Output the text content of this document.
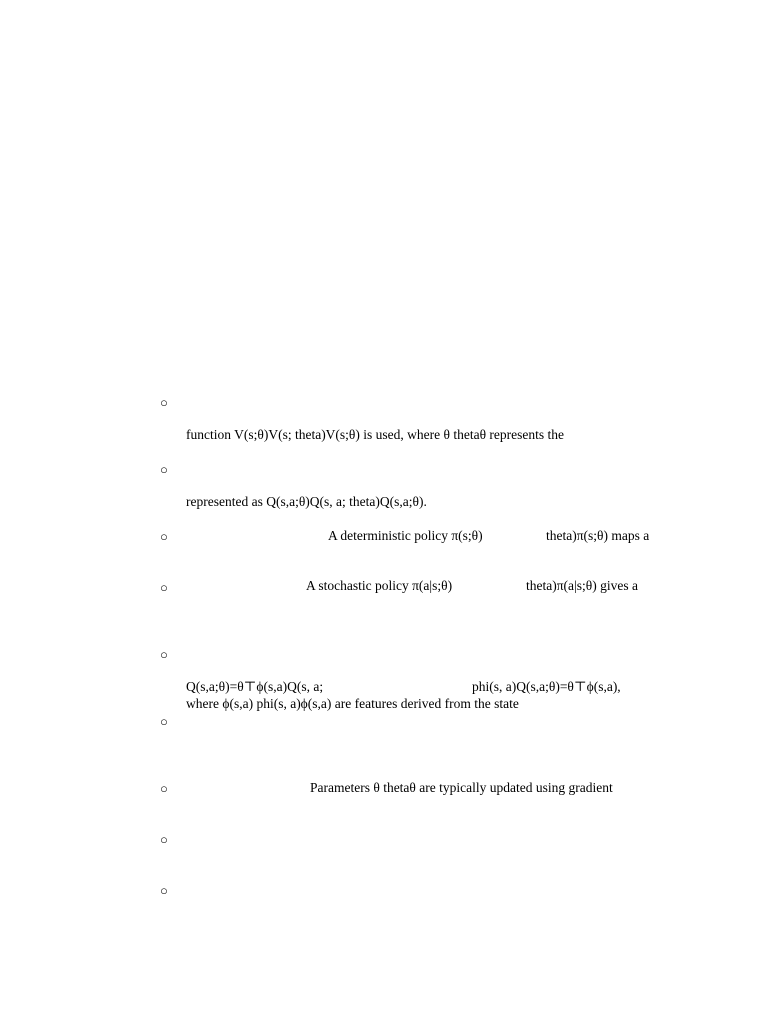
○
○
○
○
○
○
○
○
○
function V(s;θ)V(s; theta)V(s;θ) is used, where θ thetaθ represents the
represented as Q(s,a;θ)Q(s, a; theta)Q(s,a;θ).
A deterministic policy π(s;θ)	theta)π(s;θ) maps a
A stochastic policy π(a|s;θ)	theta)π(a|s;θ) gives a
Q(s,a;θ)=θ⊤ϕ(s,a)Q(s, a;	phi(s, a)Q(s,a;θ)=θ⊤ϕ(s,a),
where ϕ(s,a) phi(s, a)ϕ(s,a) are features derived from the state
Parameters θ thetaθ are typically updated using gradient
